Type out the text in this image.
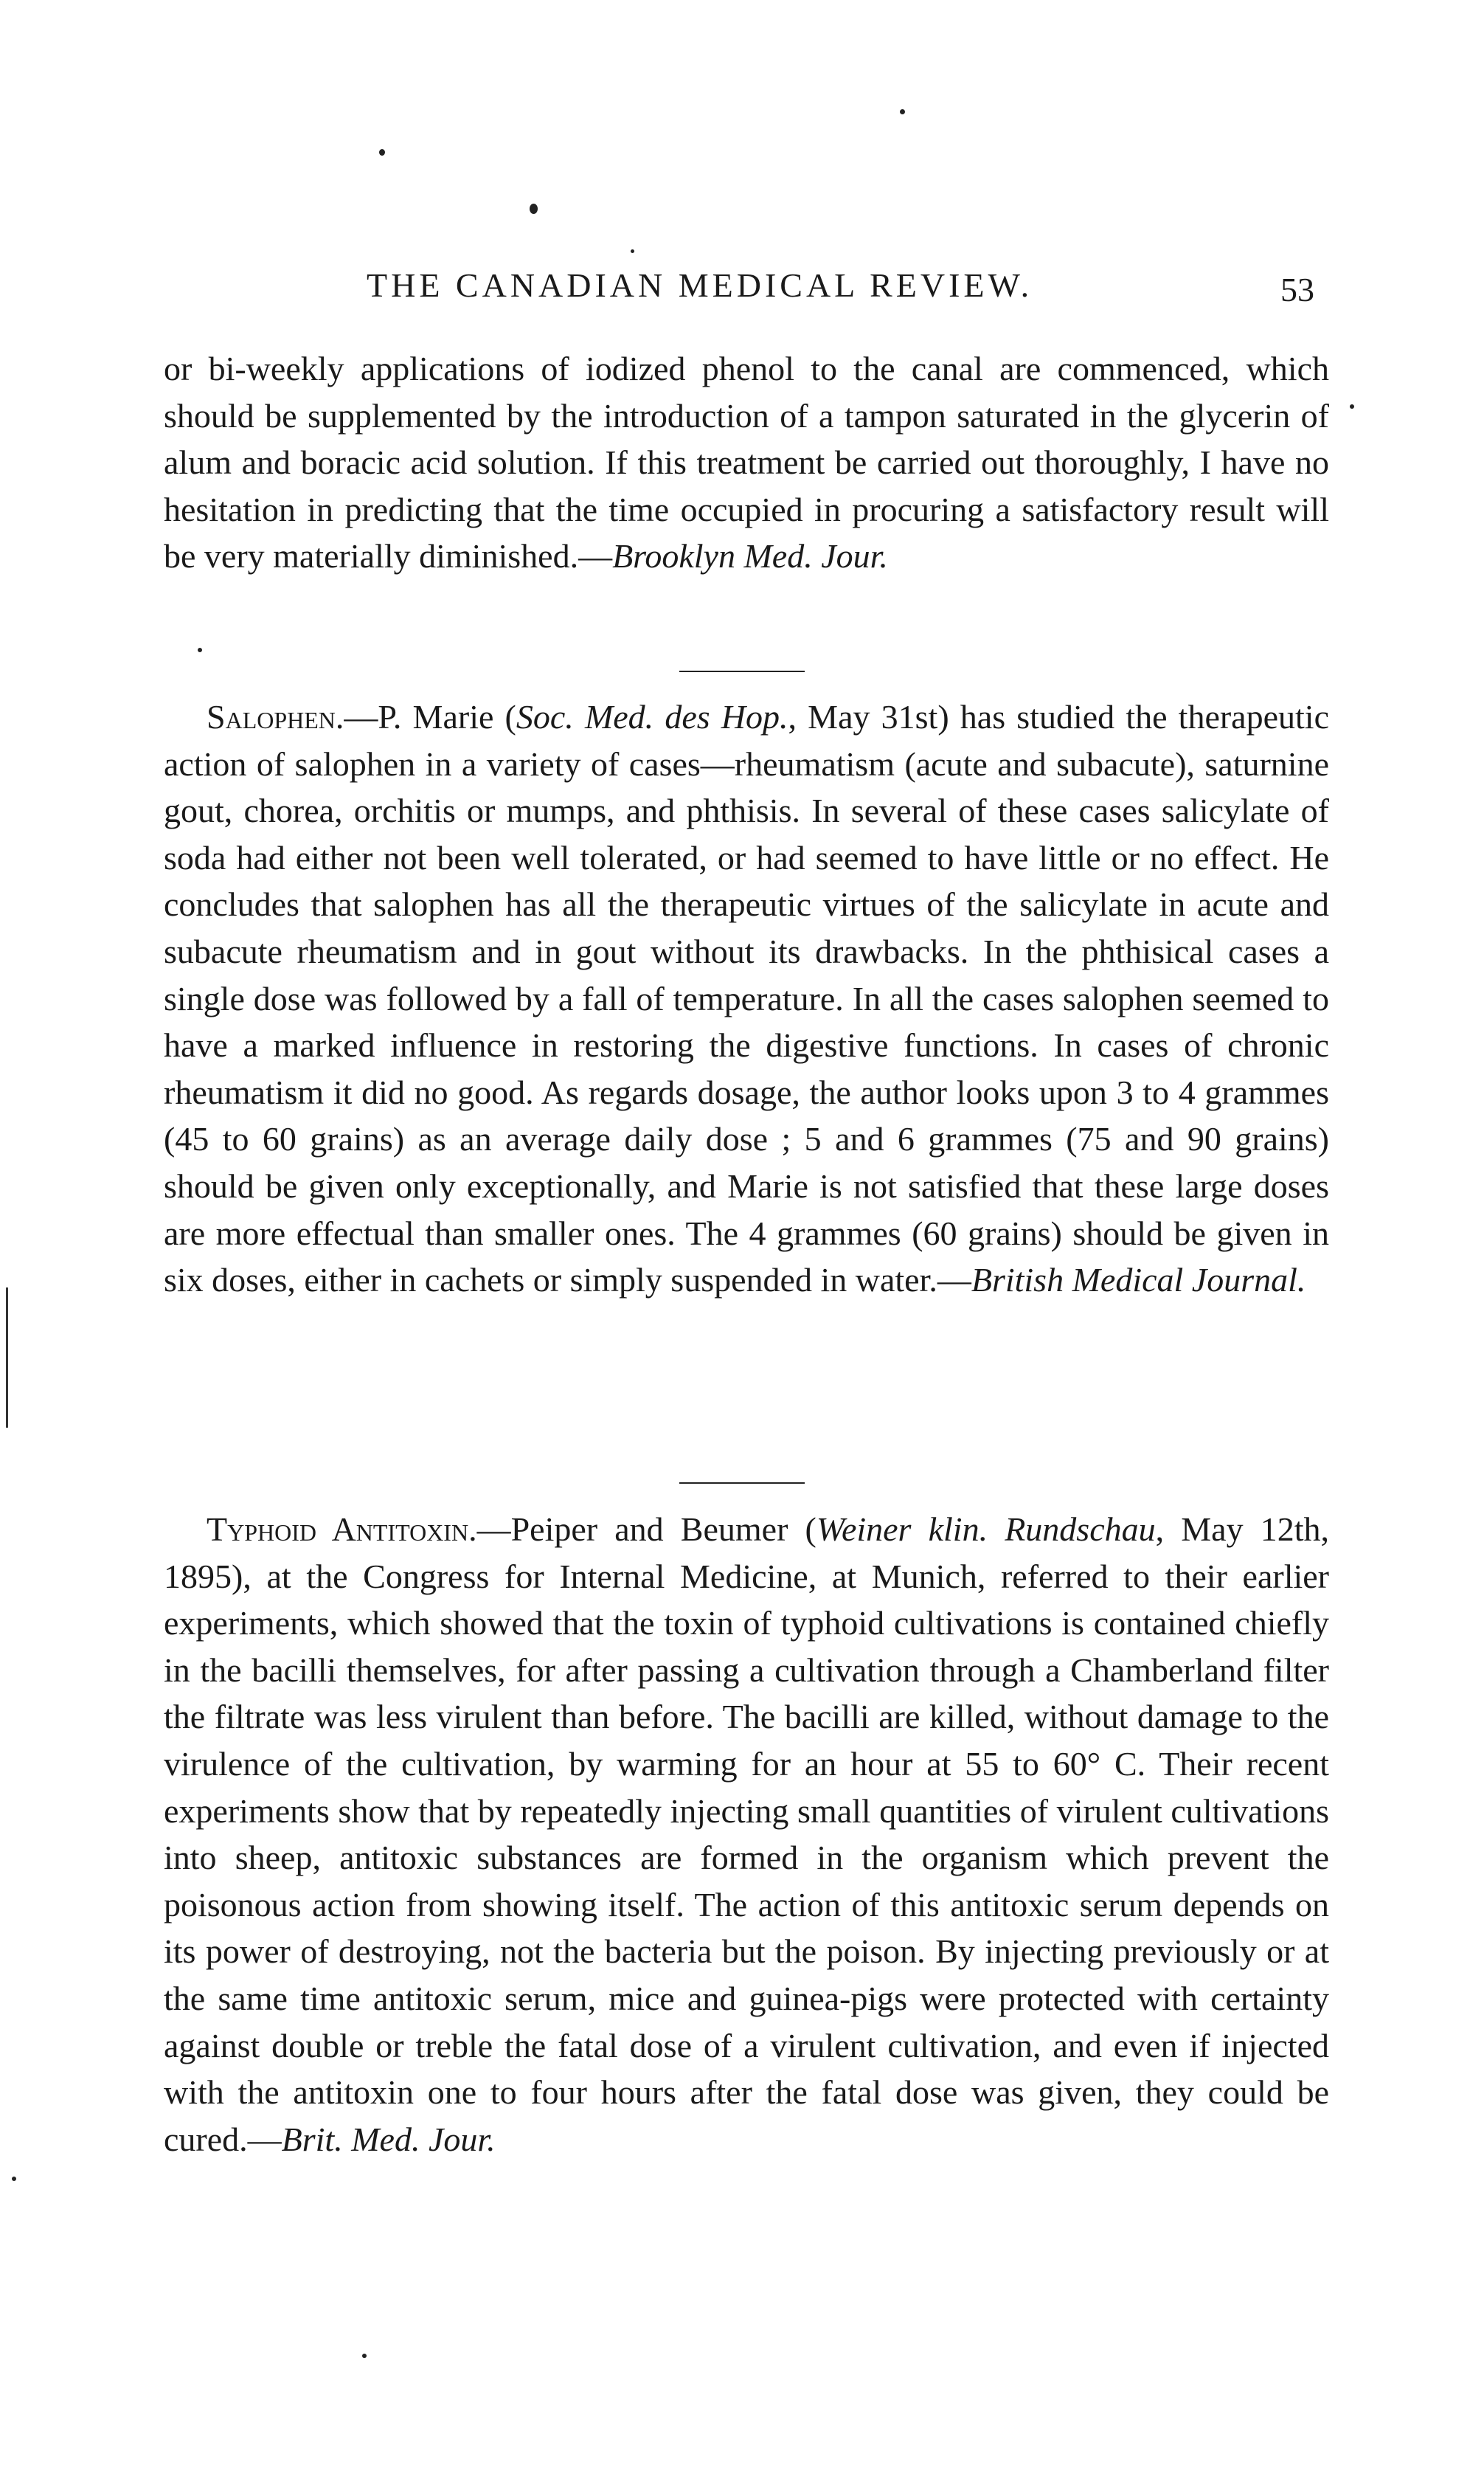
THE CANADIAN MEDICAL REVIEW.	53

or bi-weekly applications of iodized phenol to the canal are commenced, which should be supplemented by the introduction of a tampon saturated in the glycerin of alum and boracic acid solution. If this treatment be carried out thoroughly, I have no hesitation in predicting that the time occupied in procuring a satisfactory result will be very materially diminished.—Brooklyn Med. Jour.

Salophen.—P. Marie (Soc. Med. des Hop., May 31st) has studied the therapeutic action of salophen in a variety of cases—rheumatism (acute and subacute), saturnine gout, chorea, orchitis or mumps, and phthisis. In several of these cases salicylate of soda had either not been well tolerated, or had seemed to have little or no effect. He concludes that salophen has all the therapeutic virtues of the salicylate in acute and subacute rheumatism and in gout without its drawbacks. In the phthisical cases a single dose was followed by a fall of temperature. In all the cases salophen seemed to have a marked influence in restoring the digestive functions. In cases of chronic rheumatism it did no good. As regards dosage, the author looks upon 3 to 4 grammes (45 to 60 grains) as an average daily dose ; 5 and 6 grammes (75 and 90 grains) should be given only exceptionally, and Marie is not satisfied that these large doses are more effectual than smaller ones. The 4 grammes (60 grains) should be given in six doses, either in cachets or simply suspended in water.—British Medical Journal.

Typhoid Antitoxin.—Peiper and Beumer (Weiner klin. Rundschau, May 12th, 1895), at the Congress for Internal Medicine, at Munich, referred to their earlier experiments, which showed that the toxin of typhoid cultivations is contained chiefly in the bacilli themselves, for after passing a cultivation through a Chamberland filter the filtrate was less virulent than before. The bacilli are killed, without damage to the virulence of the cultivation, by warming for an hour at 55 to 60° C. Their recent experiments show that by repeatedly injecting small quantities of virulent cultivations into sheep, antitoxic substances are formed in the organism which prevent the poisonous action from showing itself. The action of this antitoxic serum depends on its power of destroying, not the bacteria but the poison. By injecting previously or at the same time antitoxic serum, mice and guinea-pigs were protected with certainty against double or treble the fatal dose of a virulent cultivation, and even if injected with the antitoxin one to four hours after the fatal dose was given, they could be cured.—Brit. Med. Jour.
